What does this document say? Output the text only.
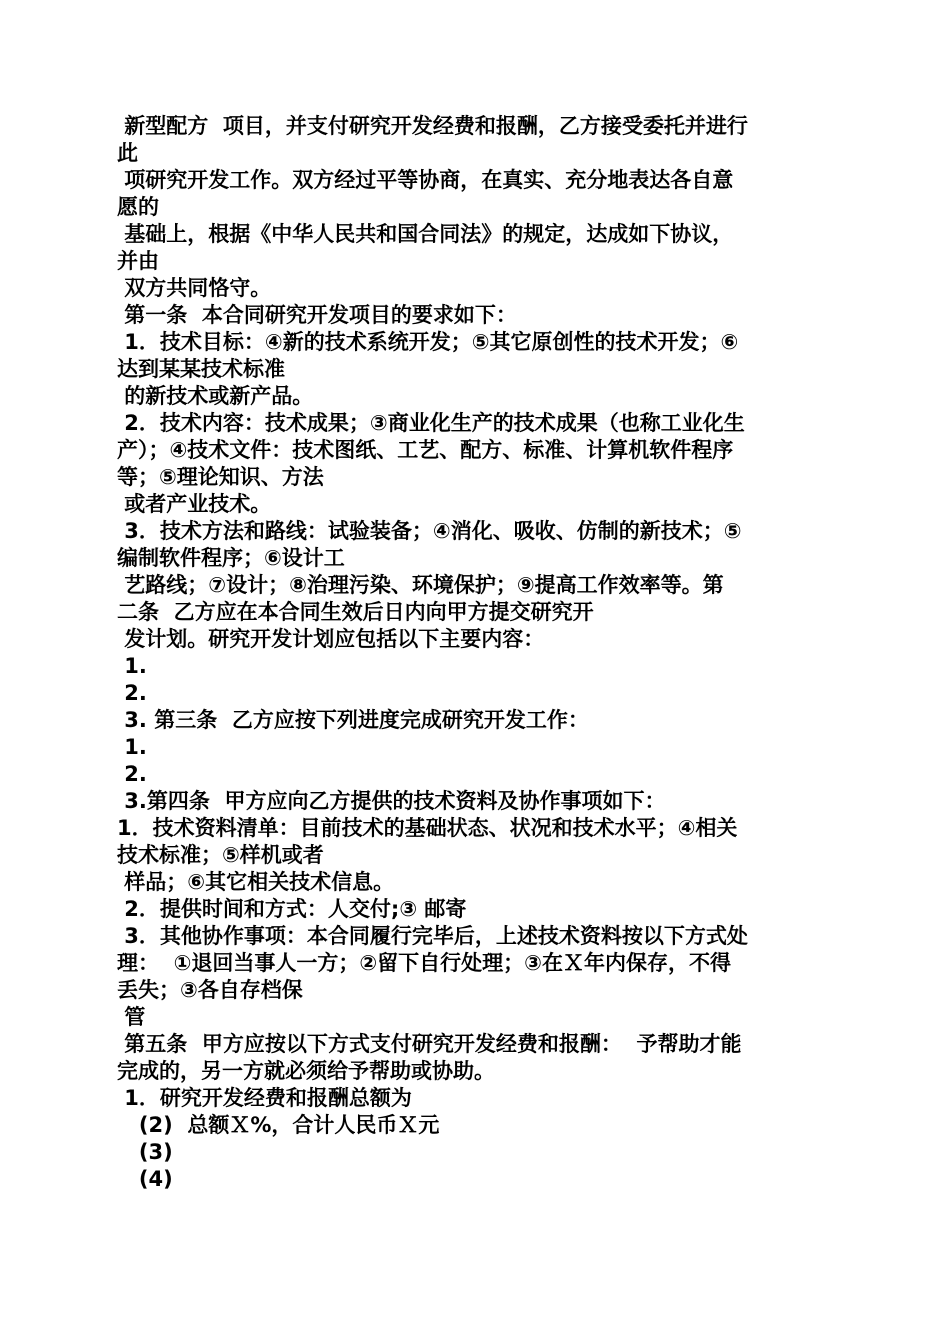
新型配方  项目，并支付研究开发经费和报酬，乙方接受委托并进行
此
项研究开发工作。双方经过平等协商，在真实、充分地表达各自意
愿的
基础上，根据《中华人民共和国合同法》的规定，达成如下协议，
并由
双方共同恪守。
第一条  本合同研究开发项目的要求如下：
1．技术目标：④新的技术系统开发；⑤其它原创性的技术开发；⑥
达到某某技术标准
的新技术或新产品。
2．技术内容：技术成果；③商业化生产的技术成果（也称工业化生
产）；④技术文件：技术图纸、工艺、配方、标准、计算机软件程序
等；⑤理论知识、方法
或者产业技术。
3．技术方法和路线：试验装备；④消化、吸收、仿制的新技术；⑤
编制软件程序；⑥设计工
艺路线；⑦设计；⑧治理污染、环境保护；⑨提高工作效率等。第
二条  乙方应在本合同生效后日内向甲方提交研究开
发计划。研究开发计划应包括以下主要内容：
1.
2.
3. 第三条  乙方应按下列进度完成研究开发工作：
1.
2.
3.第四条  甲方应向乙方提供的技术资料及协作事项如下：
1．技术资料清单：目前技术的基础状态、状况和技术水平；④相关
技术标准；⑤样机或者
样品；⑥其它相关技术信息。
2．提供时间和方式：人交付;③ 邮寄
3．其他协作事项：本合同履行完毕后，上述技术资料按以下方式处
理：  ①退回当事人一方；②留下自行处理；③在Ｘ年内保存，不得
丢失；③各自存档保
管
第五条  甲方应按以下方式支付研究开发经费和报酬：  予帮助才能
完成的，另一方就必须给予帮助或协助。
1．研究开发经费和报酬总额为
(2)  总额Ｘ%，合计人民币Ｘ元
(3)
(4)
